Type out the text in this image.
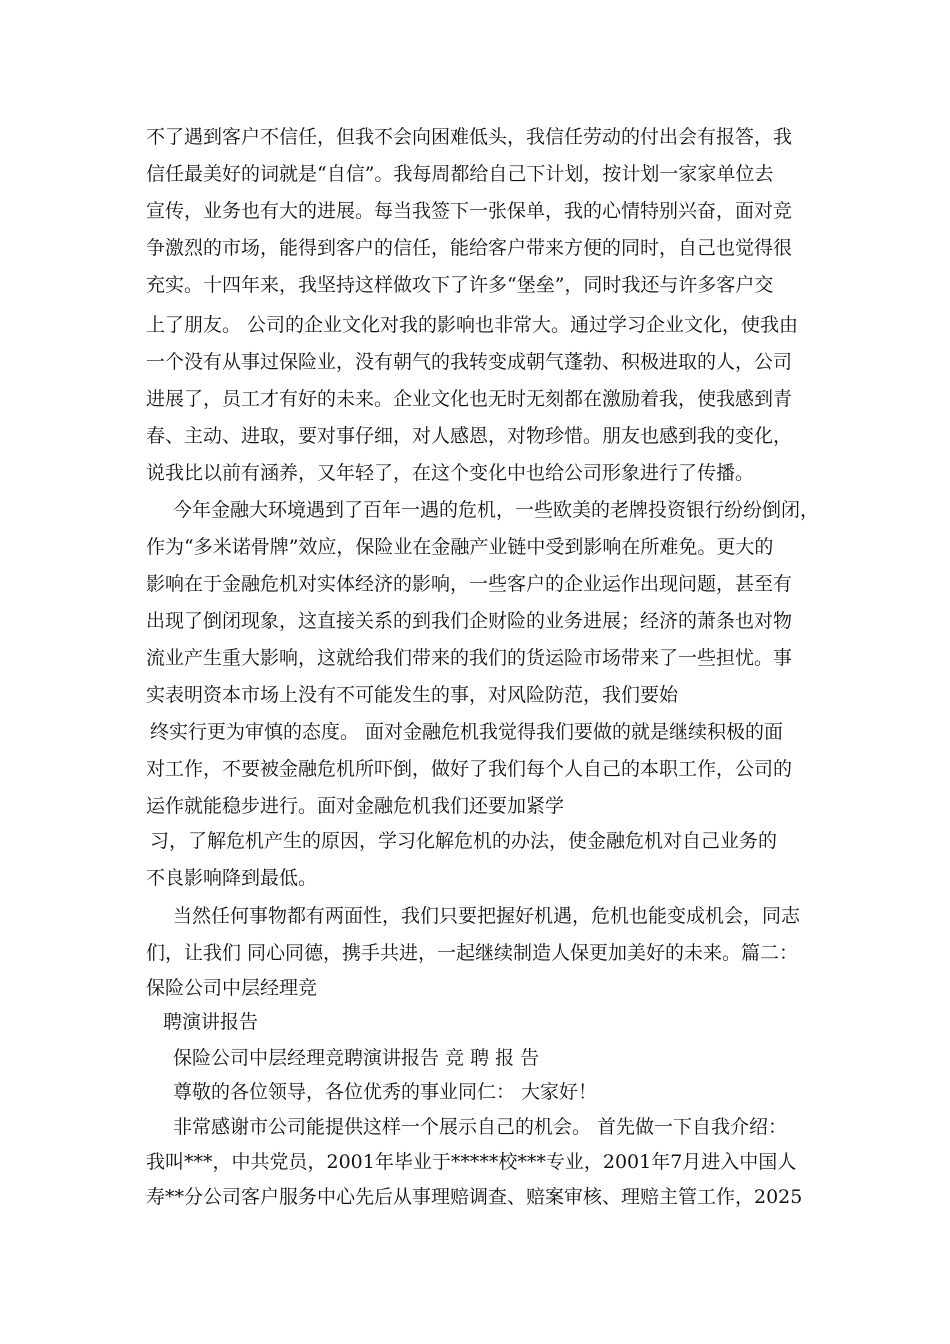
不了遇到客户不信任，但我不会向困难低头，我信任劳动的付出会有报答，我

信任最美好的词就是“自信”。我每周都给自己下计划，按计划一家家单位去

宣传，业务也有大的进展。每当我签下一张保单，我的心情特别兴奋，面对竞

争激烈的市场，能得到客户的信任，能给客户带来方便的同时，自己也觉得很

充实。十四年来，我坚持这样做攻下了许多“堡垒”，同时我还与许多客户交

上了朋友。 公司的企业文化对我的影响也非常大。通过学习企业文化，使我由

一个没有从事过保险业，没有朝气的我转变成朝气蓬勃、积极进取的人，公司

进展了，员工才有好的未来。企业文化也无时无刻都在激励着我，使我感到青

春、主动、进取，要对事仔细，对人感恩，对物珍惜。朋友也感到我的变化，

说我比以前有涵养，又年轻了，在这个变化中也给公司形象进行了传播。

今年金融大环境遇到了百年一遇的危机，一些欧美的老牌投资银行纷纷倒闭，

作为“多米诺骨牌”效应，保险业在金融产业链中受到影响在所难免。更大的

影响在于金融危机对实体经济的影响，一些客户的企业运作出现问题，甚至有

出现了倒闭现象，这直接关系的到我们企财险的业务进展；经济的萧条也对物

流业产生重大影响，这就给我们带来的我们的货运险市场带来了一些担忧。事

实表明资本市场上没有不可能发生的事，对风险防范，我们要始

终实行更为审慎的态度。 面对金融危机我觉得我们要做的就是继续积极的面

对工作，不要被金融危机所吓倒，做好了我们每个人自己的本职工作，公司的

运作就能稳步进行。面对金融危机我们还要加紧学

习，了解危机产生的原因，学习化解危机的办法，使金融危机对自己业务的

不良影响降到最低。

当然任何事物都有两面性，我们只要把握好机遇，危机也能变成机会，同志

们，让我们 同心同德，携手共进，一起继续制造人保更加美好的未来。篇二：

保险公司中层经理竞

聘演讲报告

保险公司中层经理竞聘演讲报告 竞 聘 报 告

尊敬的各位领导，各位优秀的事业同仁： 大家好！

非常感谢市公司能提供这样一个展示自己的机会。 首先做一下自我介绍：

我叫***，中共党员，2001年毕业于*****校***专业，2001年7月进入中国人

寿**分公司客户服务中心先后从事理赔调查、赔案审核、理赔主管工作，2025
